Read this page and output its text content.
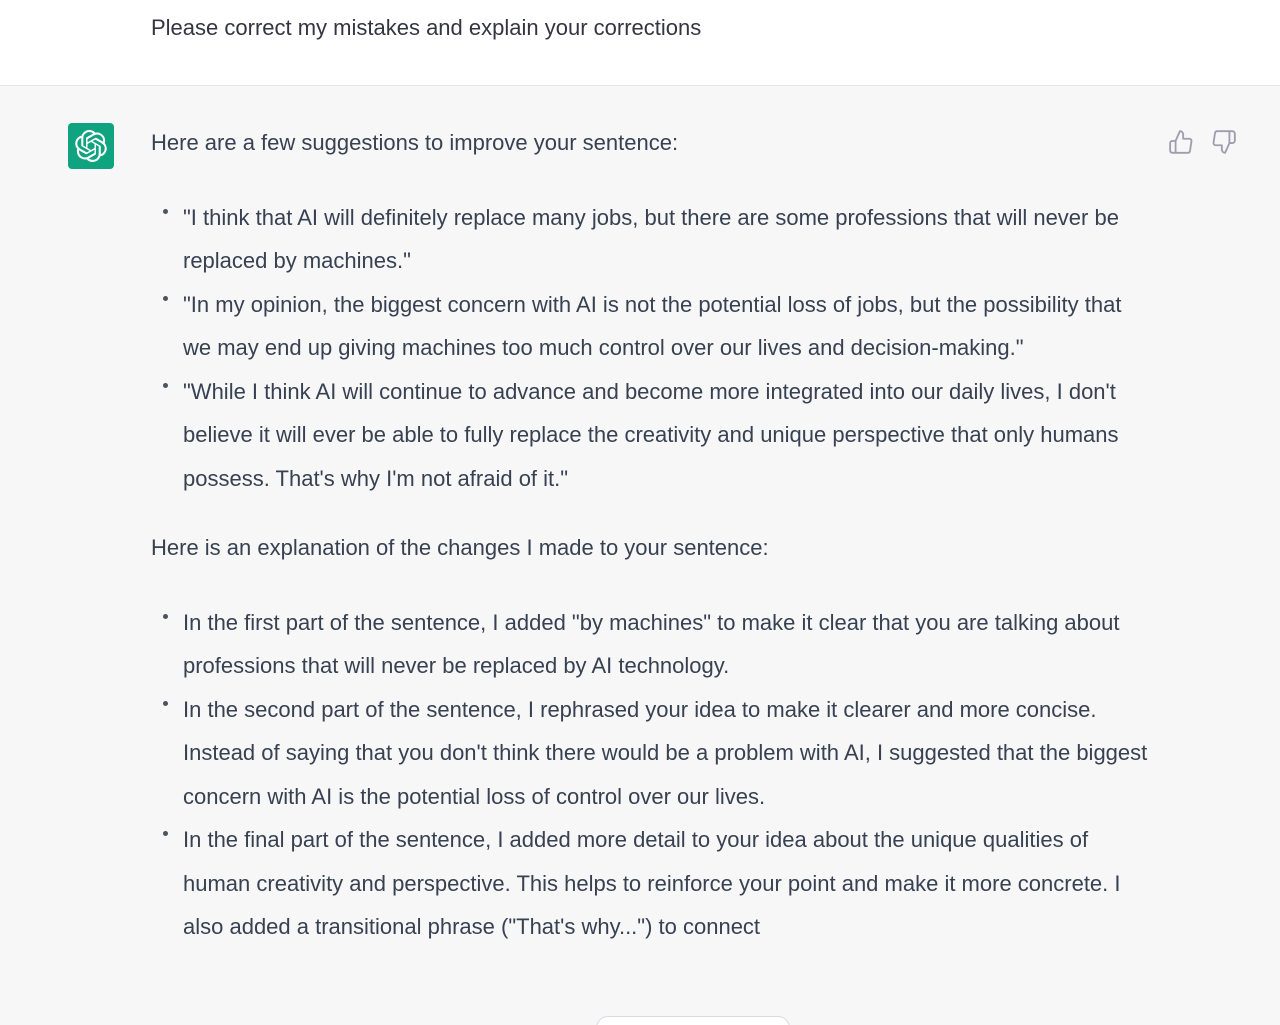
Please correct my mistakes and explain your corrections

Here are a few suggestions to improve your sentence:

"I think that AI will definitely replace many jobs, but there are some professions that will never be replaced by machines."
"In my opinion, the biggest concern with AI is not the potential loss of jobs, but the possibility that we may end up giving machines too much control over our lives and decision-making."
"While I think AI will continue to advance and become more integrated into our daily lives, I don't believe it will ever be able to fully replace the creativity and unique perspective that only humans possess. That's why I'm not afraid of it."

Here is an explanation of the changes I made to your sentence:

In the first part of the sentence, I added "by machines" to make it clear that you are talking about professions that will never be replaced by AI technology.
In the second part of the sentence, I rephrased your idea to make it clearer and more concise. Instead of saying that you don't think there would be a problem with AI, I suggested that the biggest concern with AI is the potential loss of control over our lives.
In the final part of the sentence, I added more detail to your idea about the unique qualities of human creativity and perspective. This helps to reinforce your point and make it more concrete. I also added a transitional phrase ("That's why...") to connect
